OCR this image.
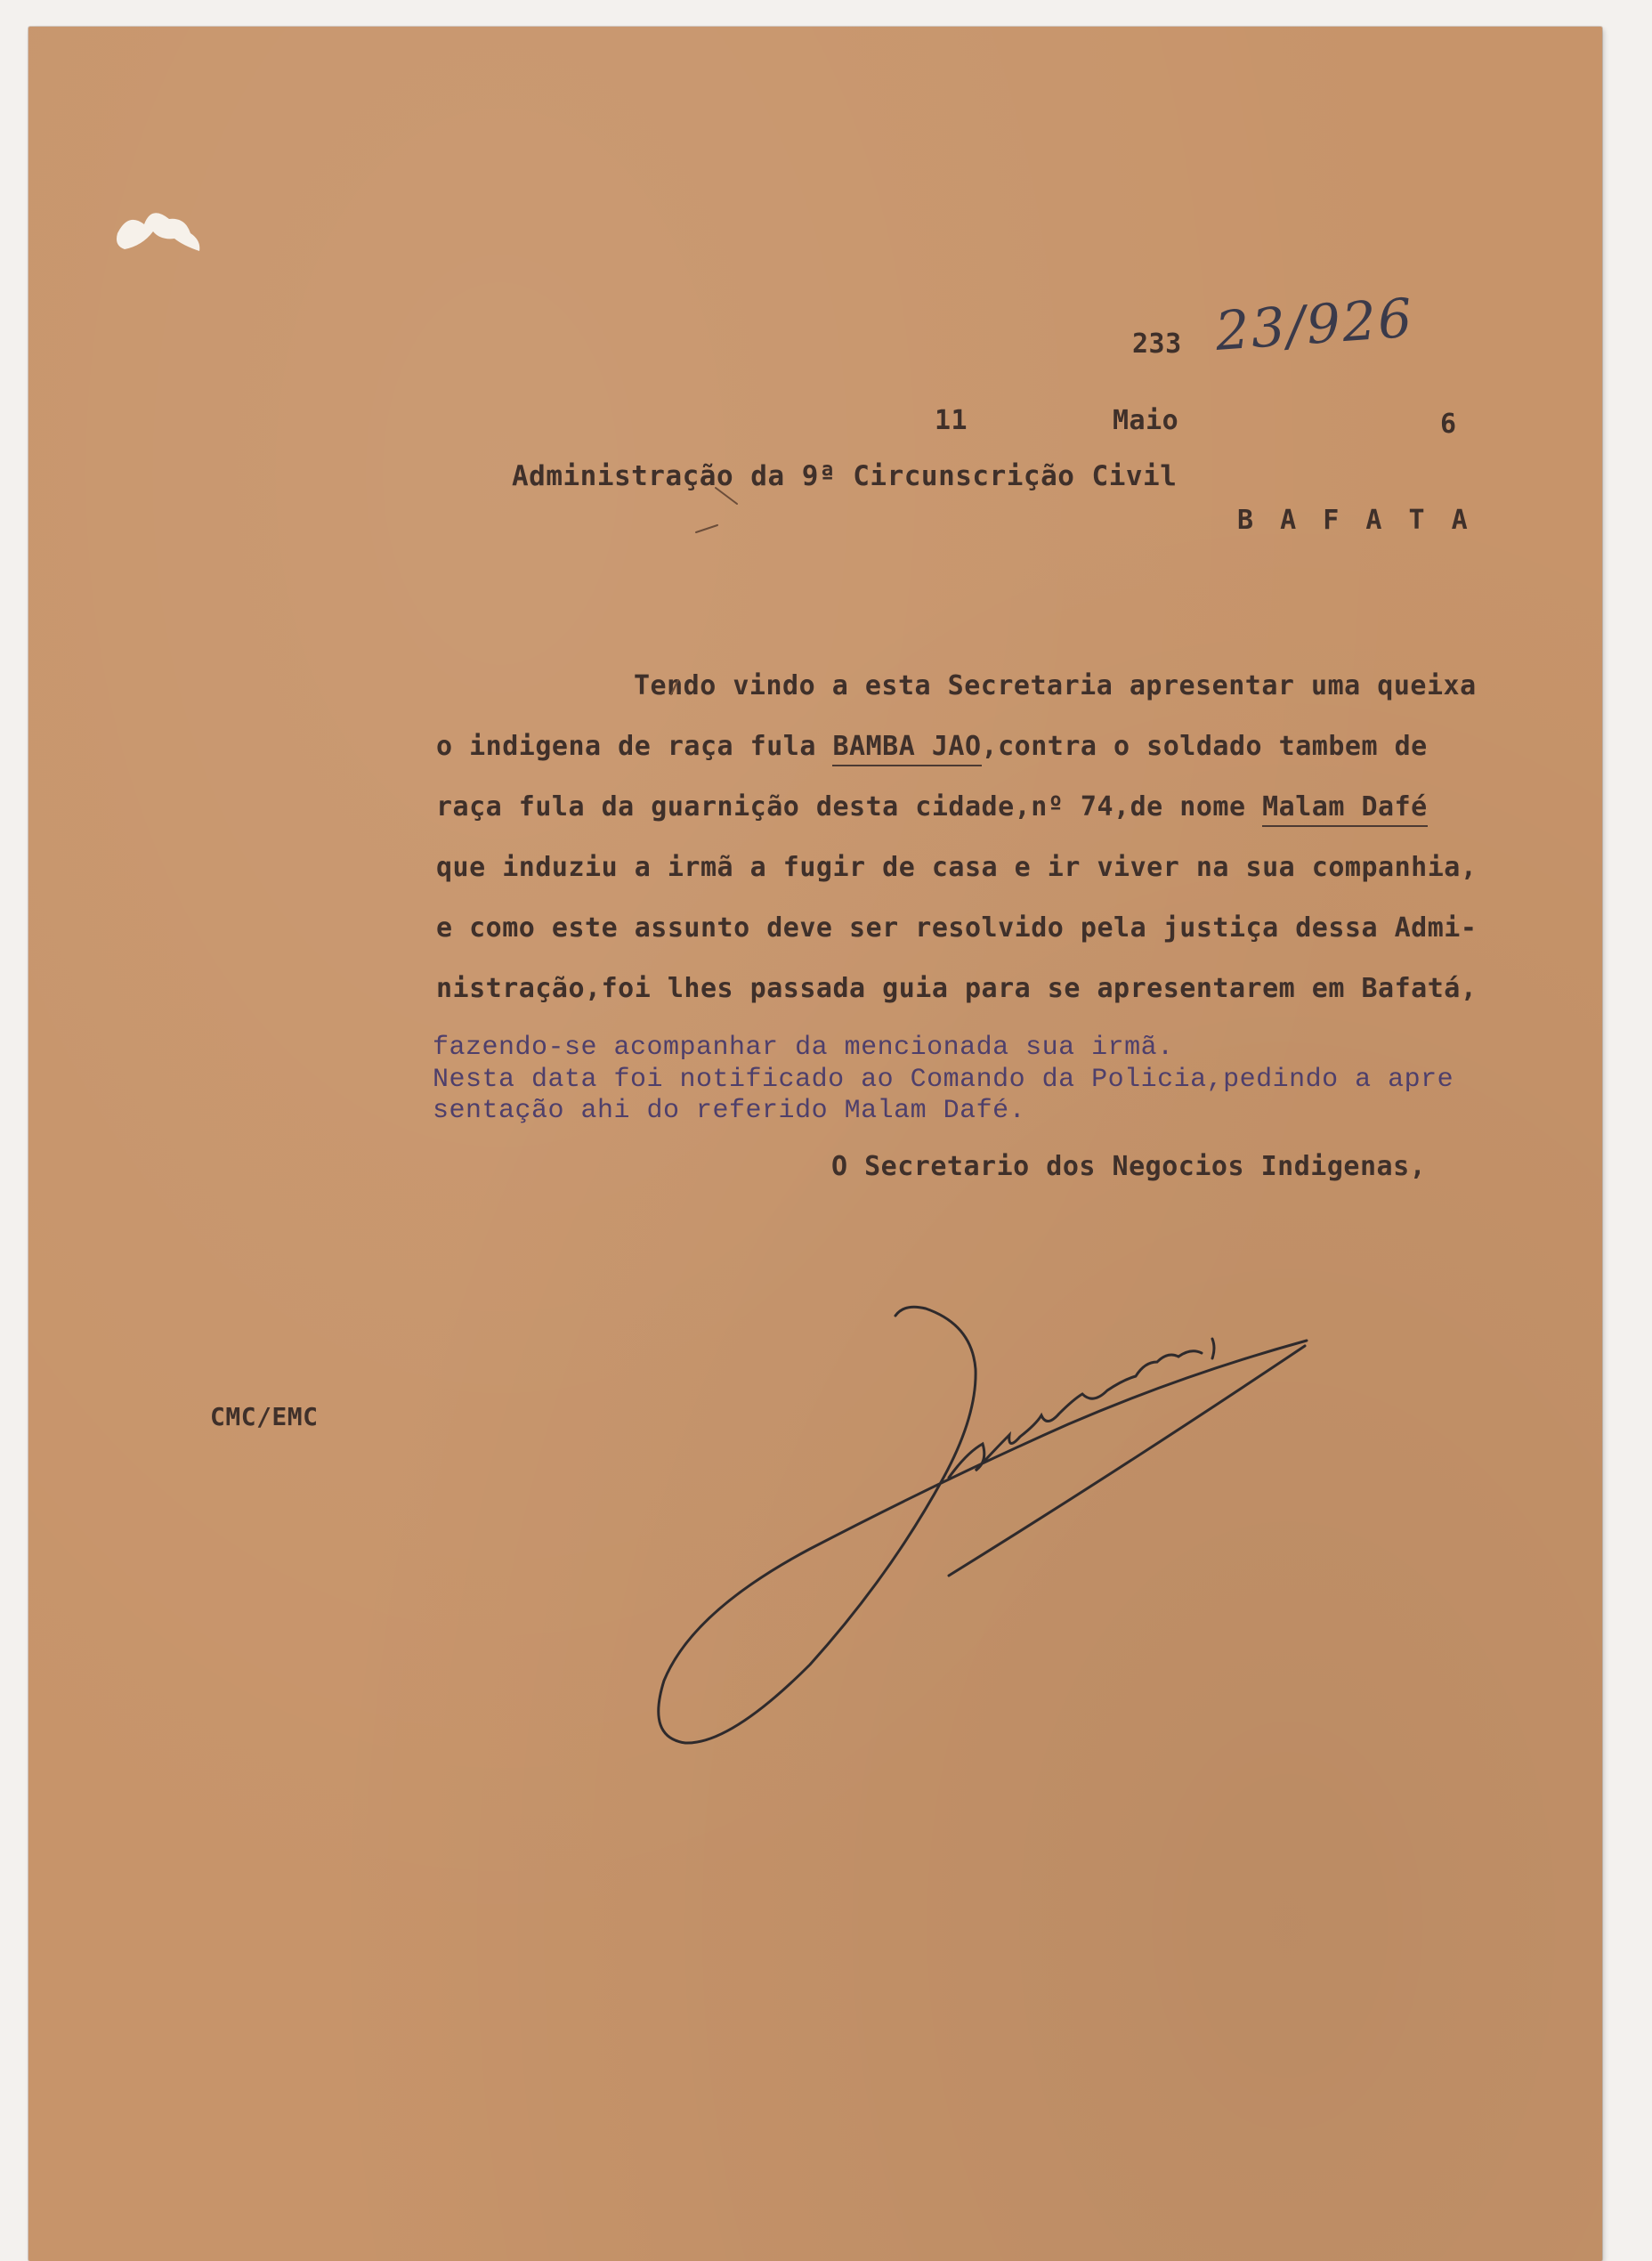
233 23/926
11	Maio	6
Administração da 9ª Circunscrição Civil
B A F A T A
Tendo vindo a esta Secretaria apresentar uma queixa
o indigena de raça fula BAMBA JAO,contra o soldado tambem de
raça fula da guarnição desta cidade,nº 74,de nome Malam Dafé
que induziu a irmã a fugir de casa e ir viver na sua companhia,
e como este assunto deve ser resolvido pela justiça dessa Admi-
nistração,foi lhes passada guia para se apresentarem em Bafatá,
fazendo-se acompanhar da mencionada sua irmã.
Nesta data foi notificado ao Comando da Policia,pedindo a apre
sentação ahi do referido Malam Dafé.
O Secretario dos Negocios Indigenas,
CMC/EMC
